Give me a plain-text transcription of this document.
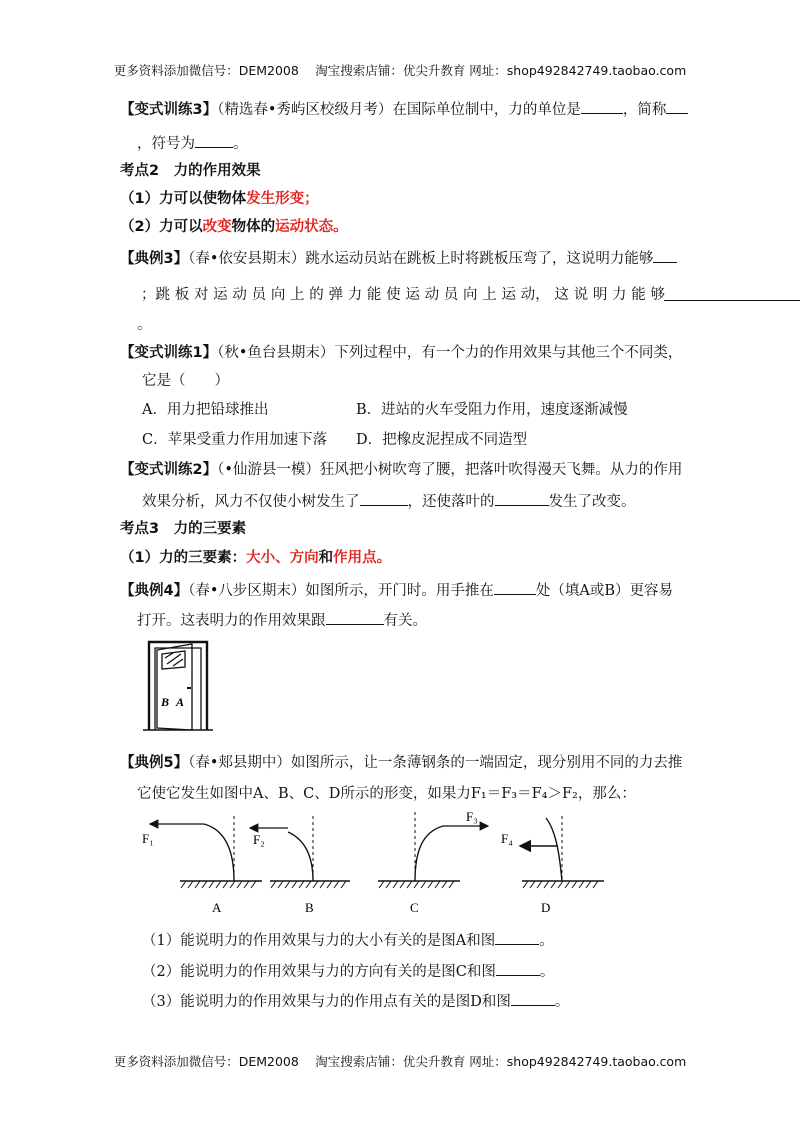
更多资料添加微信号：DEM2008　 淘宝搜索店铺：优尖升教育 网址：shop492842749.taobao.com
【变式训练3】（精选春•秀屿区校级月考）在国际单位制中，力的单位是	，简称
，符号为	。
考点2　力的作用效果
（1）力可以使物体发生形变；
（2）力可以改变物体的运动状态。
【典例3】（春•依安县期末）跳水运动员站在跳板上时将跳板压弯了，这说明力能够
；跳 板 对 运 动 员 向 上 的 弹 力 能 使 运 动 员 向 上 运 动， 这 说 明 力 能 够
。
【变式训练1】（秋•鱼台县期末）下列过程中，有一个力的作用效果与其他三个不同类，
它是（　　）
A．用力把铅球推出	B．进站的火车受阻力作用，速度逐渐减慢
C．苹果受重力作用加速下落 D．把橡皮泥捏成不同造型
【变式训练2】（•仙游县一模）狂风把小树吹弯了腰，把落叶吹得漫天飞舞。从力的作用
效果分析，风力不仅使小树发生了	，还使落叶的	发生了改变。
考点3　力的三要素
（1）力的三要素：大小、方向和作用点。
【典例4】（春•八步区期末）如图所示，开门时。用手推在	处（填A或B）更容易
打开。这表明力的作用效果跟	有关。
B A
【典例5】（春•郏县期中）如图所示，让一条薄钢条的一端固定，现分别用不同的力去推
它使它发生如图中A、B、C、D所示的形变，如果力F₁＝F₃＝F₄＞F₂，那么：
F₁
A
F₂
B
F₃
C
F₄
D
（1）能说明力的作用效果与力的大小有关的是图A和图	。
（2）能说明力的作用效果与力的方向有关的是图C和图	。
（3）能说明力的作用效果与力的作用点有关的是图D和图	。
更多资料添加微信号：DEM2008　 淘宝搜索店铺：优尖升教育 网址：shop492842749.taobao.com
